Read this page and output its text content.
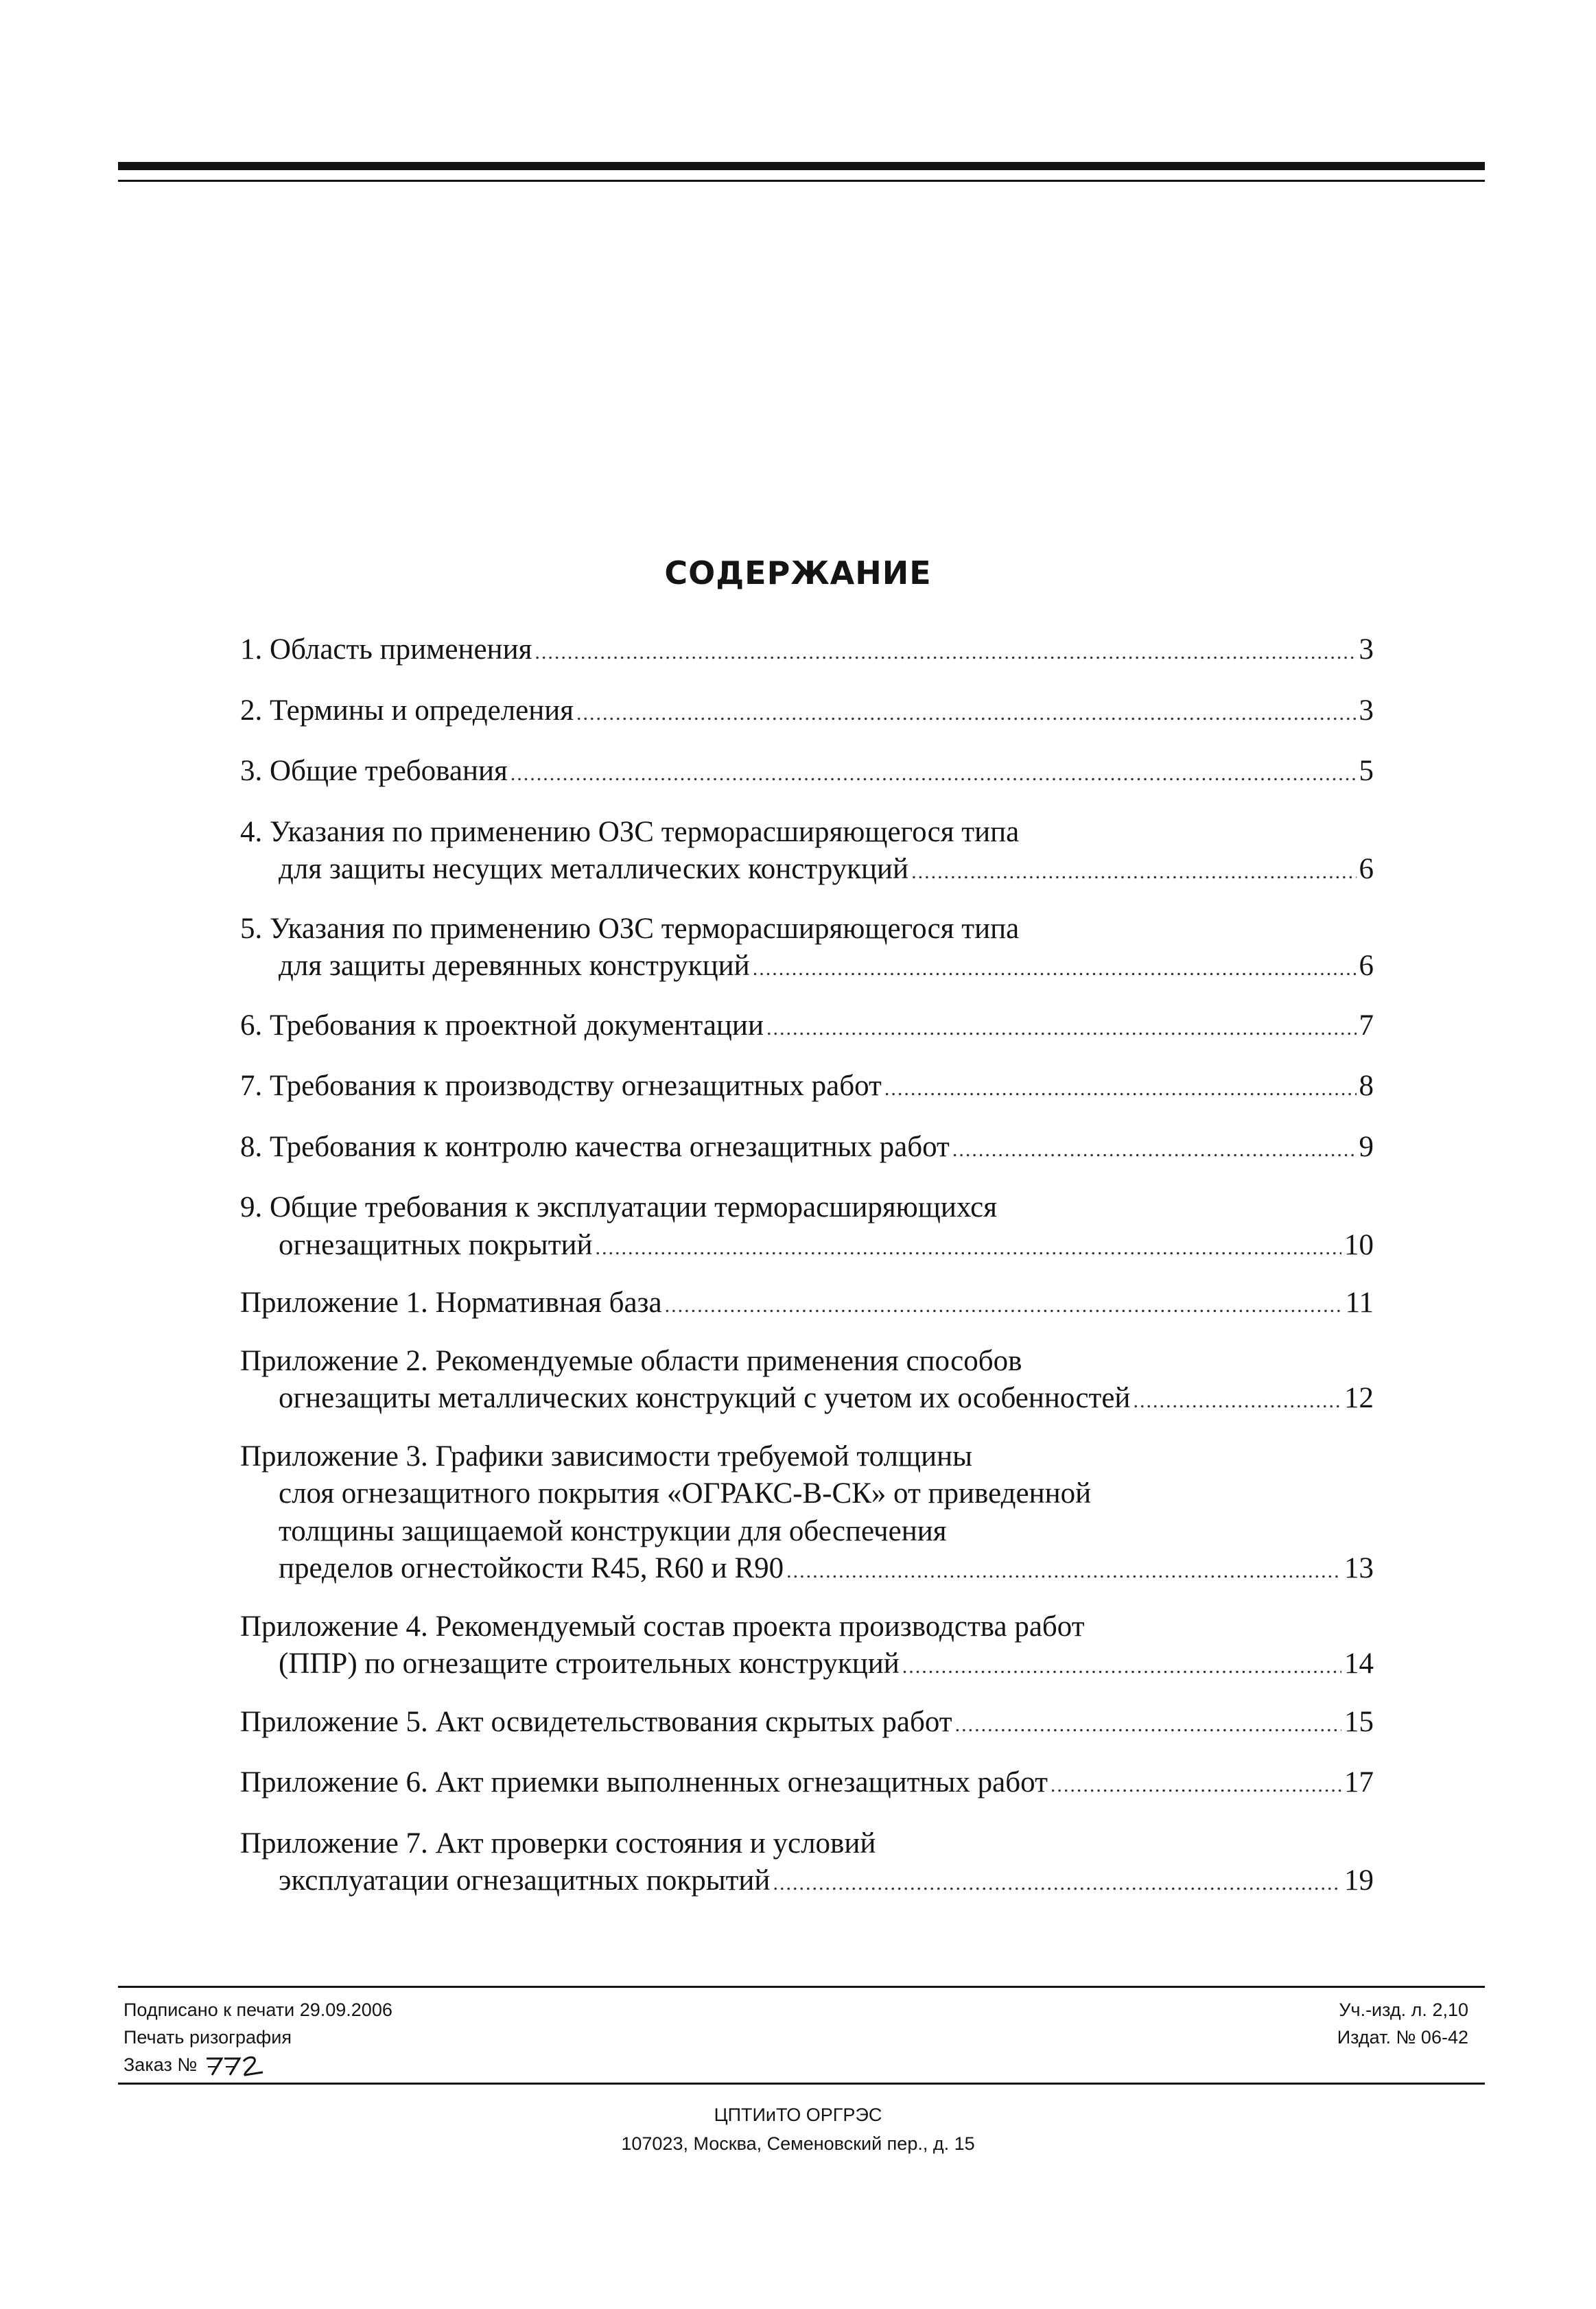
СОДЕРЖАНИЕ
1. Область применения .....	3
2. Термины и определения .....	3
3. Общие требования .....	5
4. Указания по применению ОЗС терморасширяющегося типа
для защиты несущих металлических конструкций .....	6
5. Указания по применению ОЗС терморасширяющегося типа
для защиты деревянных конструкций .....	6
6. Требования к проектной документации .....	7
7. Требования к производству огнезащитных работ .....	8
8. Требования к контролю качества огнезащитных работ .....	9
9. Общие требования к эксплуатации терморасширяющихся
огнезащитных покрытий .....	10
Приложение 1. Нормативная база .....	11
Приложение 2. Рекомендуемые области применения способов
огнезащиты металлических конструкций с учетом их особенностей .....	12
Приложение 3. Графики зависимости требуемой толщины
слоя огнезащитного покрытия «ОГРАКС-В-СК» от приведенной
толщины защищаемой конструкции для обеспечения
пределов огнестойкости R45, R60 и R90 .....	13
Приложение 4. Рекомендуемый состав проекта производства работ
(ППР) по огнезащите строительных конструкций .....	14
Приложение 5. Акт освидетельствования скрытых работ .....	15
Приложение 6. Акт приемки выполненных огнезащитных работ .....	17
Приложение 7. Акт проверки состояния и условий
эксплуатации огнезащитных покрытий .....	19
Подписано к печати 29.09.2006
Печать ризография
Заказ №
Уч.-изд. л. 2,10
Издат. № 06-42
ЦПТИиТО ОРГРЭС
107023, Москва, Семеновский пер., д. 15
